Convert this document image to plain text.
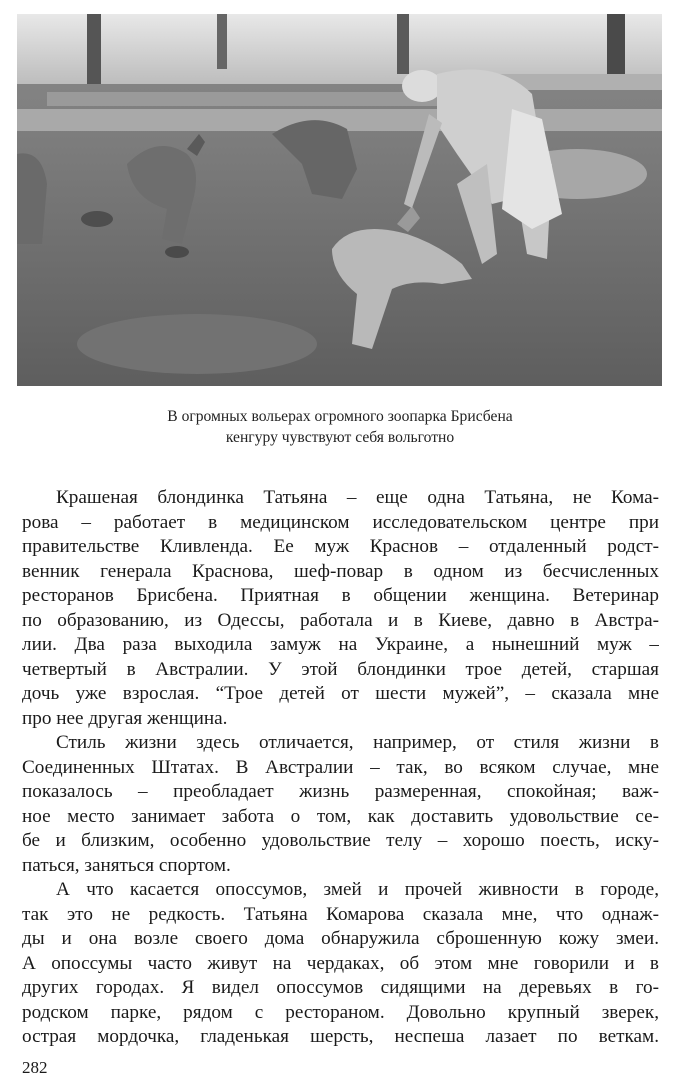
В огромных вольерах огромного зоопарка Брисбена
кенгуру чувствуют себя вольготно
Крашеная блондинка Татьяна – еще одна Татьяна, не Кома-
рова – работает в медицинском исследовательском центре при
правительстве Кливленда. Ее муж Краснов – отдаленный родст-
венник генерала Краснова, шеф-повар в одном из бесчисленных
ресторанов Брисбена. Приятная в общении женщина. Ветеринар
по образованию, из Одессы, работала и в Киеве, давно в Австра-
лии. Два раза выходила замуж на Украине, а нынешний муж –
четвертый в Австралии. У этой блондинки трое детей, старшая
дочь уже взрослая. “Трое детей от шести мужей”, – сказала мне
про нее другая женщина.
Стиль жизни здесь отличается, например, от стиля жизни в
Соединенных Штатах. В Австралии – так, во всяком случае, мне
показалось – преобладает жизнь размеренная, спокойная; важ-
ное место занимает забота о том, как доставить удовольствие се-
бе и близким, особенно удовольствие телу – хорошо поесть, иску-
паться, заняться спортом.
А что касается опоссумов, змей и прочей живности в городе,
так это не редкость. Татьяна Комарова сказала мне, что однаж-
ды и она возле своего дома обнаружила сброшенную кожу змеи.
А опоссумы часто живут на чердаках, об этом мне говорили и в
других городах. Я видел опоссумов сидящими на деревьях в го-
родском парке, рядом с рестораном. Довольно крупный зверек,
острая мордочка, гладенькая шерсть, неспеша лазает по веткам.
282
